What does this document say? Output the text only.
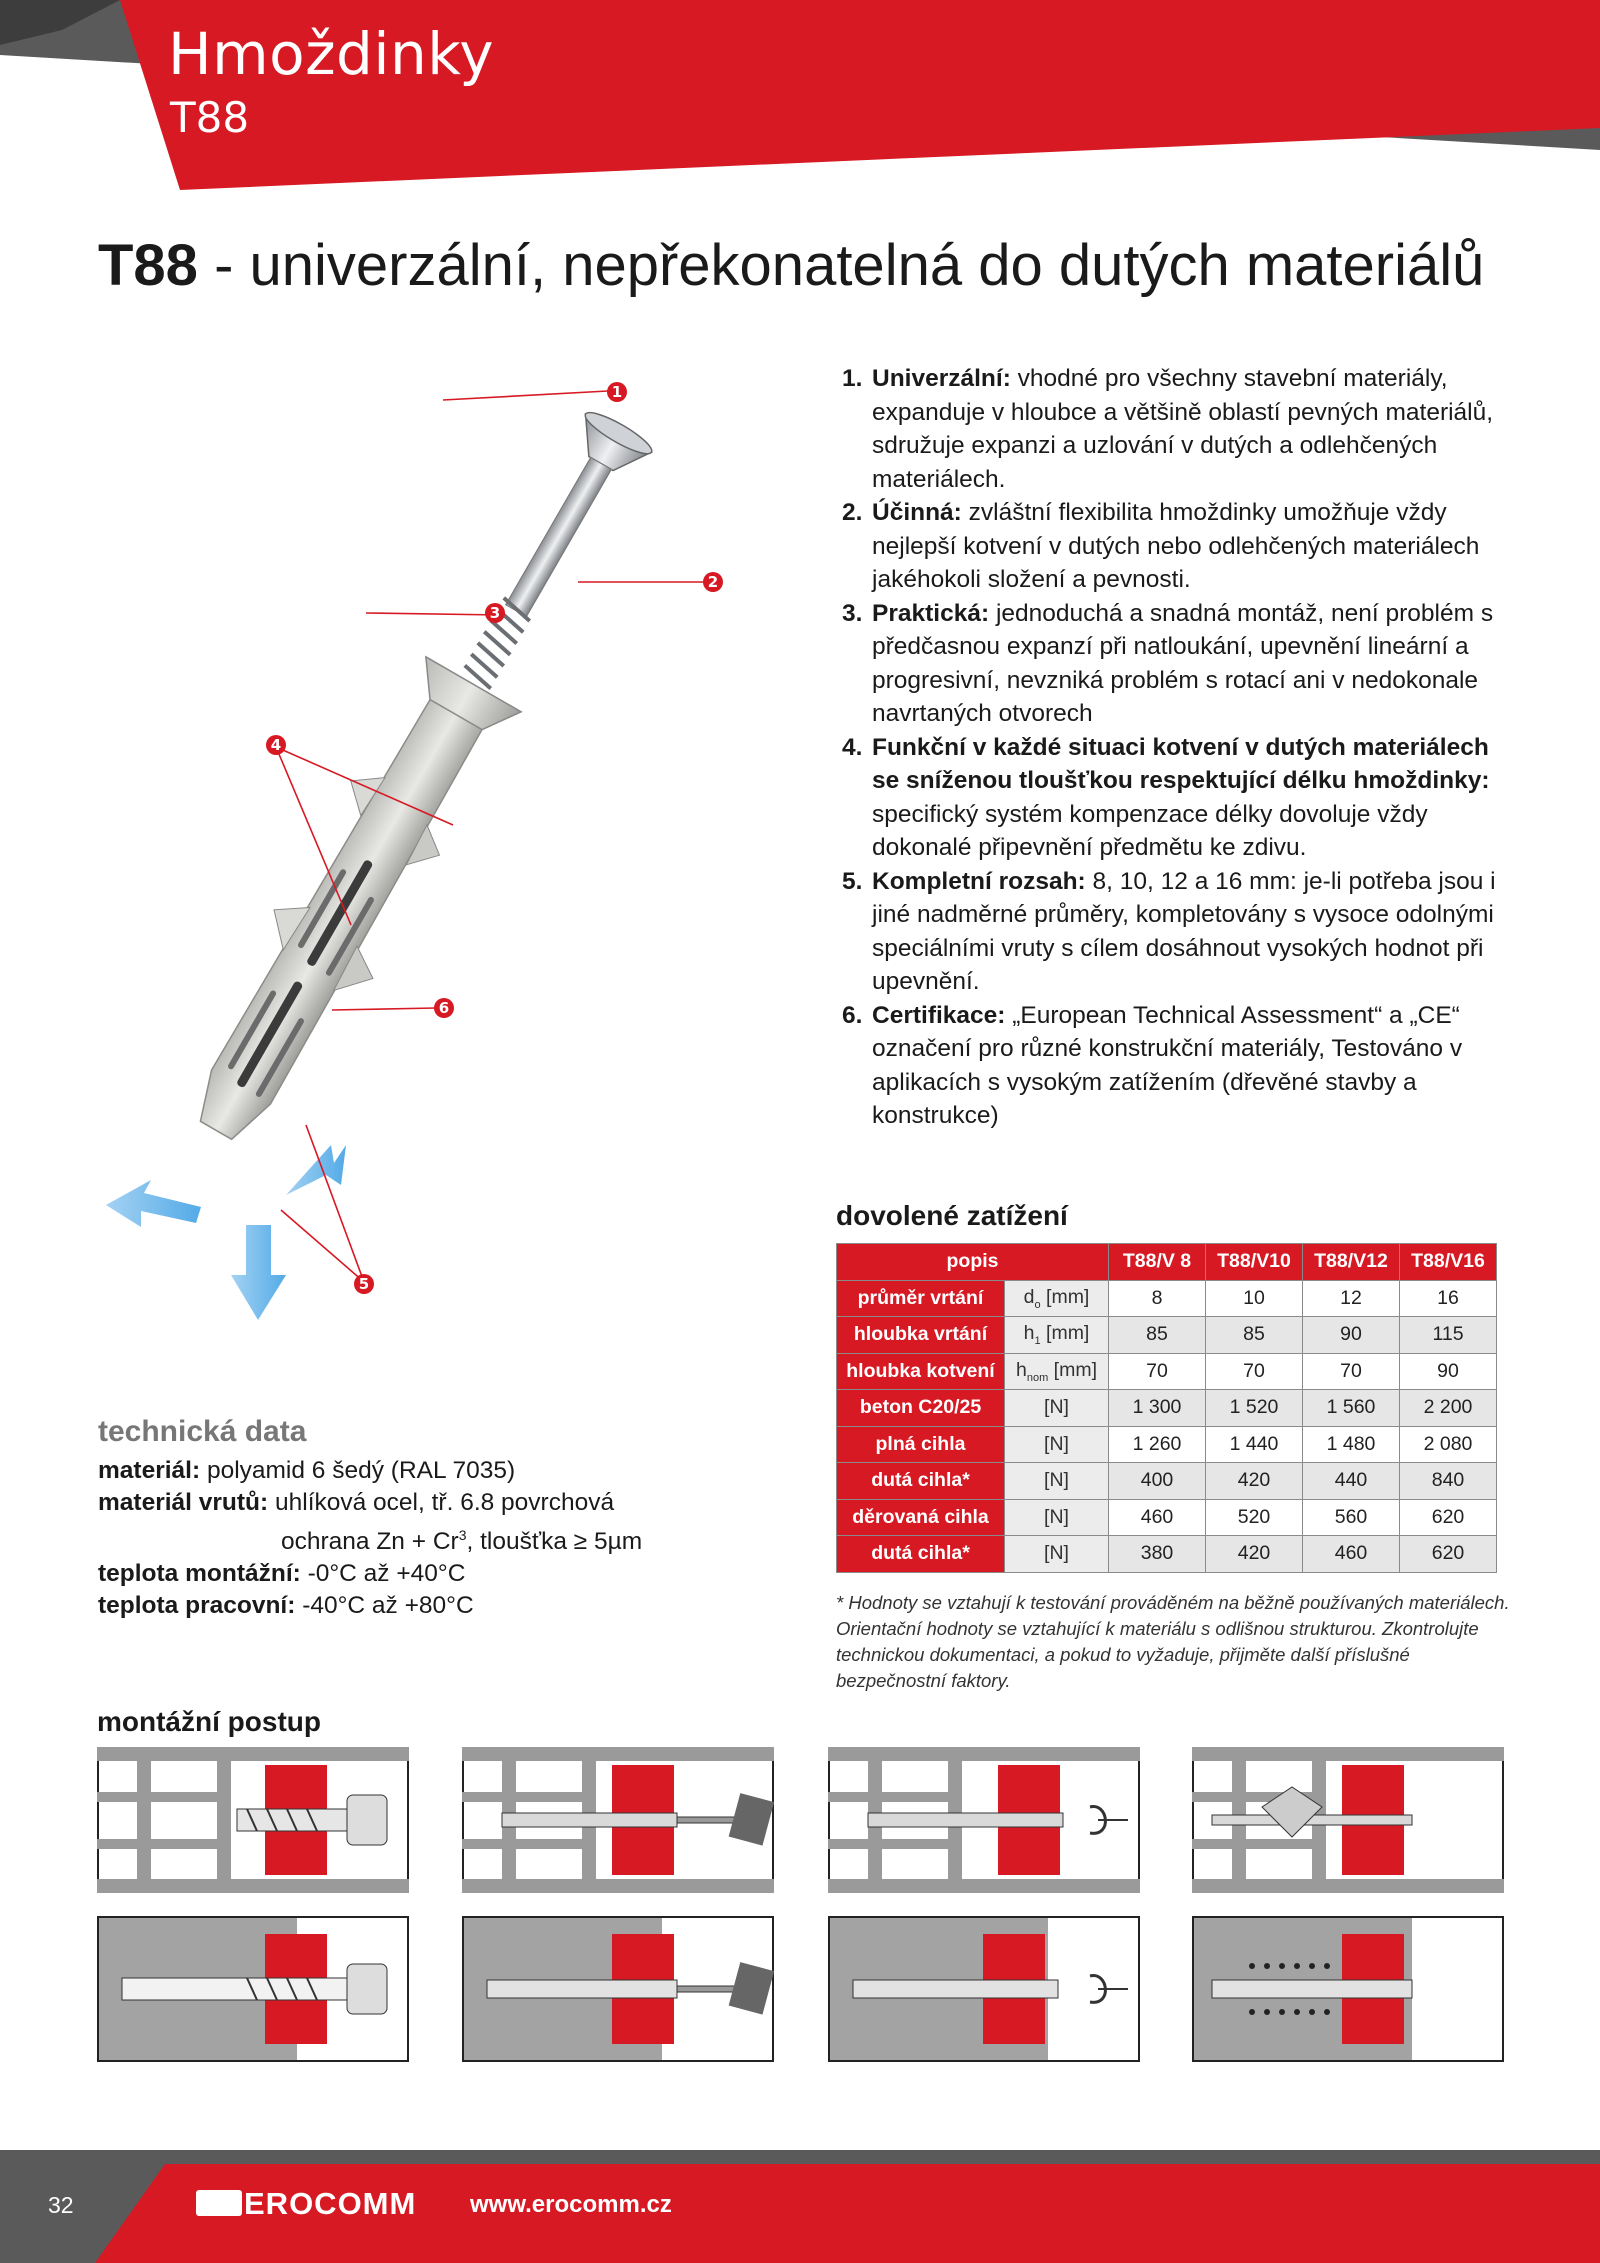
Hmoždinky
T88
T88 - univerzální, nepřekonatelná do dutých materiálů
1
2
3
4
5
6
1. Univerzální: vhodné pro všechny stavební materiály, expanduje v hloubce a většině oblastí pevných materiálů, sdružuje expanzi a uzlování v dutých a odlehčených materiálech.
2. Účinná: zvláštní flexibilita hmoždinky umožňuje vždy nejlepší kotvení v dutých nebo odlehčených materiálech jakéhokoli složení a pevnosti.
3. Praktická: jednoduchá a snadná montáž, není problém s předčasnou expanzí při natloukání, upevnění lineární a progresivní, nevzniká problém s rotací ani v nedokonale navrtaných otvorech
4. Funkční v každé situaci kotvení v dutých materiálech se sníženou tloušťkou respektující délku hmoždinky: specifický systém kompenzace délky dovoluje vždy dokonalé připevnění předmětu ke zdivu.
5. Kompletní rozsah: 8, 10, 12 a 16 mm: je-li potřeba jsou i jiné nadměrné průměry, kompletovány s vysoce odolnými speciálními vruty s cílem dosáhnout vysokých hodnot při upevnění.
6. Certifikace: „European Technical Assessment“ a „CE“ označení pro různé konstrukční materiály, Testováno v aplikacích s vysokým zatížením (dřevěné stavby a konstrukce)
dovolené zatížení
popis		T88/V 8	T88/V10	T88/V12	T88/V16
průměr vrtání	$d_o$ [mm]	8	10	12	16
hloubka vrtání	$h_1$ [mm]	85	85	90	115
hloubka kotvení	$h_{nom}$ [mm]	70	70	70	90
beton C20/25	[N]	1 300	1 520	1 560	2 200
plná cihla	[N]	1 260	1 440	1 480	2 080
dutá cihla*	[N]	400	420	440	840
děrovaná cihla	[N]	460	520	560	620
dutá cihla*	[N]	380	420	460	620
* Hodnoty se vztahují k testování prováděném na běžně používaných materiálech. Orientační hodnoty se vztahující k materiálu s odlišnou strukturou. Zkontrolujte technickou dokumentaci, a pokud to vyžaduje, přijměte další příslušné bezpečnostní faktory.
technická data
materiál: polyamid 6 šedý (RAL 7035)
materiál vrutů: uhlíková ocel, tř. 6.8 povrchová
ochrana $Zn + Cr^3$, tloušťka ≥ 5µm
teplota montážní: -0°C až +40°C
teplota pracovní: -40°C až +80°C
montážní postup
32	EROCOMM www.erocomm.cz
